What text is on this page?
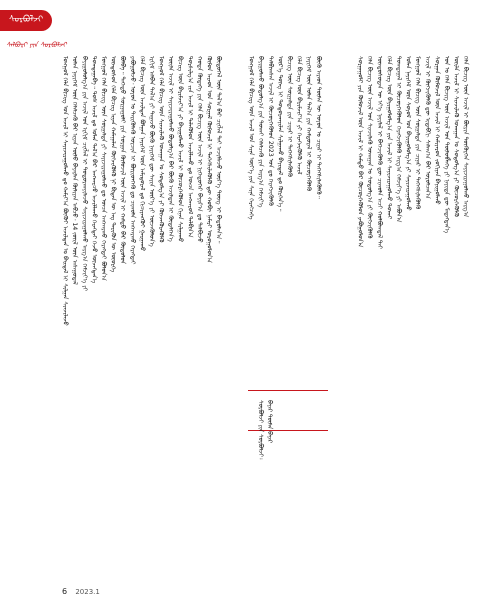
ᠰᠤᠷᠪᠤᠯᠵᠢ
ᠰᠠᠯᠪᠤᠷᠢ ᠶᠢᠨ ᠰᠤᠷᠪᠤᠯᠵᠢ
ᠮᠣᠩᠭᠣᠯ ᠬᠡᠯᠡ ᠪᠢᠴᠢᠭ ᠤᠨ ᠠᠵᠢᠯ ᠢ ᠰᠠᠶᠢᠵᠢᠷᠠᠭᠤᠯᠬᠤ ᠳᠤ ᠬᠠᠮᠢᠶ᠎ᠠ ᠪᠦᠬᠦᠢ ᠠᠵᠢᠯᠲᠠᠨ ᠤ ᠪᠠᠢᠳᠠᠯ ᠢ ᠰᠢᠯᠭᠠᠨ ᠰᠢᠨᠵᠢᠯᠡᠵᠦ ᠣᠯᠠᠨ ᠨᠡᠶᠢᠭᠡᠮ ᠦᠨ ᠬᠡᠯᠡᠯᠴᠡᠬᠦ ᠪᠠᠷ ᠢᠶᠠᠨ ᠦᠯᠦ ᠪᠠᠶᠠᠷᠯᠠᠨ ᠬᠦᠯᠢᠶᠡᠨ ᠠᠪᠴᠤ᠂ 14 ᠵᠦᠢᠯ ᠦᠨ ᠠᠰᠠᠭᠤᠳᠠᠯ ᠪᠠᠶᠢᠭᠤᠯᠤᠯᠭ᠎ᠠ ᠶᠢᠨ ᠠᠵᠢᠯ ᠤᠨ ᠡᠷᠬᠢᠮ ᠴᠢᠭᠯᠡᠯ ᠢ ᠲᠣᠳᠣᠷᠬᠠᠶᠢᠯᠠᠵᠤ ᠰᠠᠶᠢᠵᠢᠷᠠᠭᠤᠯᠬᠤ ᠠᠷᠭ᠎ᠠ ᠬᠡᠮᠵᠢᠶ᠎ᠡ ᠶᠢ ᠲᠣᠭᠲᠠᠭᠠᠪᠠ᠃ ᠲᠤᠰ ᠠᠵᠢᠯ ᠳᠤ ᠣᠯᠠᠨ ᠲᠠᠯ᠎ᠠ ᠪᠠᠷ ᠠᠩᠬᠠᠷᠴᠤ ᠠᠵᠢᠯᠯᠠᠬᠤ ᠬᠡᠷᠡᠭᠲᠡᠢ ᠭᠡᠵᠦ ᠦᠵᠡᠭᠳᠡᠨ᠎ᠡ ᠮᠣᠩᠭᠣᠯ ᠬᠡᠯᠡ ᠪᠢᠴᠢᠭ ᠦᠨ ᠰᠤᠷᠭᠠᠯᠲᠠ ᠶᠢ ᠰᠠᠶᠢᠵᠢᠷᠠᠭᠤᠯᠬᠤ ᠳᠤ ᠣᠨᠴᠠ ᠠᠩᠬᠠᠷᠬᠤ ᠬᠡᠷᠡᠭᠲᠡᠢ ᠪᠣᠯᠤᠨ᠎ᠠ ᠦᠨᠳᠦᠰᠦᠨ ᠬᠡᠯᠡ ᠪᠢᠴᠢᠭ ᠢᠶᠡᠨ ᠬᠠᠮᠠᠭᠠᠯᠠᠨ ᠬᠥᠭᠵᠢᠭᠦᠯᠬᠦ ᠨᠢ ᠪᠢᠳᠡᠨ ᠦ ᠡᠩ ᠲᠡᠷᠢᠭᠦᠨ ᠦ ᠦᠦᠷᠭᠡ ᠪᠣᠯᠪᠠ᠃ ᠳᠡᠭᠡᠳᠦ ᠰᠤᠷᠭᠠᠭᠤᠯᠢ ᠶᠢᠨ ᠰᠤᠷᠭᠠᠨ ᠬᠦᠮᠦᠵᠢᠯ ᠦᠨ ᠠᠵᠢᠯ ᠢ ᠬᠠᠮᠲᠤ ᠪᠡᠷ ᠬᠥᠲᠦᠯᠦᠨ ᠶᠠᠪᠤᠭᠤᠯᠵᠤ᠂ ᠣᠶᠤᠨ ᠤ ᠲᠡᠷᠢᠭᠦᠯᠡᠬᠦ ᠣᠷᠴᠢᠨ ᠢ ᠪᠦᠷᠢᠳᠬᠡᠬᠦ ᠳᠤ ᠴᠢᠬᠤᠯᠠ ᠠᠩᠬᠠᠷᠬᠤ ᠬᠡᠷᠡᠭᠲᠡᠢ ᠬᠡᠯᠡ ᠪᠢᠴᠢᠭ ᠦᠨ ᠠᠵᠢᠯᠲᠠᠨ ᠪᠣᠯᠭᠠᠨ ᠨᠡᠶᠢᠭᠡᠮ ᠦᠨ ᠠᠮᠢᠳᠤᠷᠠᠯ ᠳᠤ ᠬᠢᠴᠢᠶᠡᠩᠭᠦᠢ ᠭᠠᠷᠭᠠᠬᠤ ᠡᠷᠬᠢᠮ ᠠᠯᠪᠠᠨ ᠳᠠᠯ᠎ᠠ ᠶᠢ ᠳᠠᠭᠠᠵᠤ ᠪᠦᠬᠦ ᠨᠡᠶᠢᠭᠡᠮ ᠳᠦ ᠰᠠᠶᠢᠨ ᠦᠷ᠎ᠡ ᠶᠢ ᠦᠵᠡᠭᠦᠯᠦᠨ᠎ᠡ ᠮᠣᠩᠭᠣᠯ ᠬᠡᠯᠡ ᠪᠢᠴᠢᠭ ᠦᠨ ᠰᠢᠨᠵᠢᠯᠡᠬᠦ ᠤᠬᠠᠭᠠᠨ ᠤ ᠰᠤᠳᠤᠯᠭ᠎ᠠ ᠶᠢ ᠭᠦᠨᠵᠡᠭᠦᠷᠡᠭᠦᠯᠬᠦ ᠦᠢᠯᠡ ᠠᠵᠢᠯ ᠢ ᠰᠠᠶᠢᠵᠢᠷᠠᠭᠤᠯᠬᠤ ᠪᠣᠳᠣᠯᠭ᠎ᠠ ᠪᠠᠷ ᠪᠦᠬᠦ ᠠᠵᠢᠯᠲᠠᠨ ᠢ ᠬᠥᠳᠡᠯᠭᠡᠨ᠎ᠡ ᠪᠢᠴᠢᠭ ᠦᠨ ᠪᠠᠷᠢᠮᠵᠢᠶ᠎ᠠ ᠶᠢ ᠪᠠᠶᠢᠭᠤᠯᠬᠤ ᠠᠵᠢᠯ ᠢ ᠬᠦᠴᠦᠷᠬᠡᠭᠦᠯᠦᠨ ᠬᠢᠨᠠᠨ ᠰᠢᠯᠭᠠᠬᠤ ᠲᠤᠷᠰᠢᠯᠭ᠎ᠠ ᠵᠢᠨ ᠠᠵᠢᠯ ᠢ ᠲᠡᠯᠡᠭᠦᠯᠦᠨ ᠠᠵᠢᠯᠯᠠᠬᠤ ᠳᠤ ᠣᠨᠴᠠ ᠠᠩᠬᠠᠷᠤᠯ ᠲᠠᠯᠪᠢᠨ᠎ᠠ ᠬᠣᠲᠠ ᠬᠦᠳᠡᠭᠡ ᠶᠢᠨ ᠬᠡᠯᠡ ᠪᠢᠴᠢᠭ ᠦᠨ ᠠᠵᠢᠯ ᠢ ᠨᠢᠭᠡᠳᠦᠭᠡᠷ ᠪᠠᠶᠢᠷ᠎ᠠ ᠳᠤ ᠲᠠᠯᠪᠢᠵᠤ ᠬᠦᠮᠦᠨ ᠠᠷᠠᠳ ᠤᠨ ᠰᠤᠷᠭᠠᠯ ᠬᠥᠮᠦᠵᠢᠯ ᠢ ᠳᠡᠭᠡᠭᠰᠢᠯᠡᠭᠦᠯᠬᠦ ᠳᠦ ᠬᠤᠪᠢ ᠨᠡᠮᠡᠷᠢ ᠣᠷᠤᠭᠤᠯᠤᠨ᠎ᠠ ᠪᠦᠲᠦᠭᠡᠯ ᠦᠨ ᠲᠠᠯ᠎ᠠ ᠪᠠᠷ ᠴᠢᠭᠯᠡᠯ ᠲᠠᠢ ᠠᠵᠢᠯᠯᠠᠵᠤ ᠦᠷ᠎ᠡ ᠳᠦᠩ ᠢ ᠪᠠᠲᠤᠯᠠᠨ᠎ᠠ᠃	ᠮᠣᠩᠭᠣᠯ ᠬᠡᠯᠡ ᠪᠢᠴᠢᠭ ᠦᠨ ᠠᠵᠢᠯ ᠤᠨ ᠰᠢᠨᠡ ᠦᠶ᠎ᠡ ᠶᠢᠨ ᠰᠢᠨᠡ ᠬᠡᠷᠡᠭᠴᠡᠭᠡ ᠪᠠᠶᠢᠭᠤᠯᠬᠤ ᠪᠣᠳᠣᠯᠭ᠎ᠠ ᠶᠢᠨ ᠲᠤᠬᠠᠢ ᠬᠡᠯᠡᠯᠴᠡᠬᠦ ᠶᠢᠨ ᠠᠷᠭ᠎ᠠ ᠬᠡᠮᠵᠢᠶ᠎ᠡ ᠲᠠᠯᠪᠢᠭᠰᠠᠨ ᠠᠵᠢᠯ ᠢ ᠬᠦᠴᠦᠷᠬᠡᠭᠦᠯᠦᠨ 2023 ᠣᠨ ᠳᠤ ᠬᠡᠷᠡᠭᠵᠢᠭᠦᠯᠬᠦ ᠦᠷ᠎ᠡ ᠳᠦᠩ ᠢ ᠲᠣᠳᠣᠷᠬᠠᠶᠢᠯᠠᠨ ᠰᠢᠯᠭᠠᠬᠤ ᠪᠠᠶᠢᠳᠠᠯ ᠳᠤ ᠬᠦᠷᠭᠡᠨ᠎ᠡ᠃ ᠪᠢᠴᠢᠭ ᠦᠨ ᠰᠤᠷᠭᠠᠯᠲᠠ ᠶᠢᠨ ᠴᠢᠨᠠᠷ ᠢ ᠳᠡᠭᠡᠭᠰᠢᠯᠡᠭᠦᠯᠬᠦ ᠬᠡᠯᠡ ᠪᠢᠴᠢᠭ ᠦᠨ ᠪᠠᠷᠢᠮᠵᠢᠶ᠎ᠠ ᠶᠢ ᠬᠡᠷᠡᠭᠵᠢᠭᠦᠯᠬᠦ ᠠᠵᠢᠯ ᠨᠡᠶᠢᠭᠡᠮ ᠦᠨ ᠣᠯᠠᠨ ᠲᠠᠯ᠎ᠠ ᠶᠢᠨ ᠬᠠᠮᠲᠤᠷᠠᠯ ᠢ ᠬᠦᠴᠦᠷᠬᠡᠭᠦᠯᠬᠦ ᠪᠦᠬᠦ ᠠᠷᠠᠳ ᠲᠦᠮᠡᠨ ᠦ ᠣᠶᠤᠨ ᠤ ᠴᠢᠨᠠᠷ ᠢ ᠳᠡᠭᠡᠭᠰᠢᠯᠡᠭᠦᠯᠬᠦ᠃	ᠰᠤᠷᠭᠠᠭᠤᠯᠢ ᠶᠢᠨ ᠬᠦᠮᠦᠵᠢᠯ ᠦᠨ ᠠᠵᠢᠯ ᠢ ᠬᠠᠮᠲᠤ ᠪᠡᠷ ᠬᠦᠴᠦᠷᠬᠡᠭᠦᠯᠦᠨ ᠶᠠᠪᠤᠭᠤᠯᠤᠨ᠎ᠠ ᠬᠡᠯᠡ ᠪᠢᠴᠢᠭ ᠦᠨ ᠠᠵᠢᠯ ᠤᠨ ᠰᠢᠨᠵᠢᠯᠡᠬᠦ ᠤᠬᠠᠭᠠᠨ ᠤ ᠰᠤᠳᠤᠯᠭ᠎ᠠ ᠶᠢ ᠬᠥᠭᠵᠢᠭᠦᠯᠬᠦ ᠦᠨᠳᠦᠰᠦᠳᠡᠨ ᠦ ᠡᠶ᠎ᠡ ᠨᠡᠶᠢᠯᠡᠯ ᠢ ᠪᠡᠬᠡᠵᠢᠭᠦᠯᠬᠦ ᠳᠦ ᠴᠢᠬᠤᠯᠠ ᠠᠴᠢ ᠬᠣᠯᠪᠣᠭᠳᠠᠯ ᠲᠠᠢ ᠬᠡᠯᠡ ᠪᠢᠴᠢᠭ ᠦᠨ ᠪᠠᠶᠢᠭᠤᠯᠤᠯᠭ᠎ᠠ ᠶᠢᠨ ᠠᠵᠢᠯ ᠢ ᠰᠠᠶᠢᠵᠢᠷᠠᠭᠤᠯᠬᠤ ᠲᠤᠬᠠᠢ ᠲᠣᠭᠲᠠᠭᠠᠯ ᠢ ᠬᠦᠴᠦᠷᠬᠡᠭᠦᠯᠦᠨ ᠬᠡᠷᠡᠭᠵᠢᠭᠦᠯᠬᠦ ᠠᠷᠭ᠎ᠠ ᠬᠡᠮᠵᠢᠶ᠎ᠡ ᠶᠢ ᠠᠪᠤᠨ᠎ᠠ ᠣᠯᠠᠨ ᠨᠡᠶᠢᠭᠡᠮ ᠦᠨ ᠰᠣᠶᠣᠯ ᠤᠨ ᠪᠠᠶᠢᠭᠤᠯᠤᠯᠭ᠎ᠠ ᠶᠢ ᠰᠠᠶᠢᠵᠢᠷᠠᠭᠤᠯᠬᠤ ᠮᠣᠩᠭᠣᠯ ᠬᠡᠯᠡ ᠪᠢᠴᠢᠭ ᠦᠨ ᠰᠤᠷᠭᠠᠯᠲᠠ ᠶᠢᠨ ᠴᠢᠨᠠᠷ ᠢ ᠳᠡᠭᠡᠭᠰᠢᠯᠡᠭᠦᠯᠬᠦ ᠠᠵᠢᠯ ᠢ ᠬᠥᠭᠵᠢᠭᠦᠯᠬᠦ ᠳᠦ ᠢᠳᠡᠪᠬᠢ ᠰᠠᠯᠠᠭ᠎ᠠ ᠪᠠᠷ ᠣᠷᠤᠯᠴᠠᠨ᠎ᠠ ᠰᠤᠷᠭᠠᠨ ᠬᠦᠮᠦᠵᠢᠯ ᠦᠨ ᠠᠵᠢᠯ ᠢ ᠬᠠᠮᠢᠶᠠᠷᠤᠨ ᠵᠣᠬᠢᠶᠠᠨ ᠪᠠᠶᠢᠭᠤᠯᠬᠤ ᠣᠨ ᠤ ᠬᠡᠯᠡ ᠪᠢᠴᠢᠭ ᠦᠨ ᠠᠵᠢᠯ ᠤᠨ ᠲᠥᠯᠦᠪᠯᠡᠭᠡ ᠶᠢ ᠨᠡᠶᠢᠲᠡ ᠳᠦ ᠮᠡᠳᠡᠭᠳᠡᠨ᠎ᠡ ᠦᠢᠯᠡ ᠠᠵᠢᠯ ᠢ ᠰᠢᠨᠵᠢᠯᠡᠬᠦ ᠤᠬᠠᠭᠠᠨ ᠤ ᠰᠤᠳᠤᠯᠭ᠎ᠠ ᠶᠢ ᠬᠦᠴᠦᠷᠬᠡᠭᠦᠯᠬᠦ ᠬᠡᠯᠡ ᠪᠢᠴᠢᠭ ᠦᠨ ᠠᠵᠢᠯ ᠢ ᠪᠦᠷᠢᠨ ᠳᠦᠭᠦᠷᠭᠡᠨ ᠰᠠᠶᠢᠵᠢᠷᠠᠭᠤᠯᠬᠤ ᠠᠷᠭ᠎ᠠ
ᠰᠤᠷᠪᠤᠯᠵᠢ ᠶᠢᠨ ᠰᠤᠷᠪᠤᠯᠵᠢ᠄ ᠪᠠᠶᠠᠷ ᠲᠦᠮᠡᠨ ᠪᠠᠶᠠᠷ
6 2023.1
